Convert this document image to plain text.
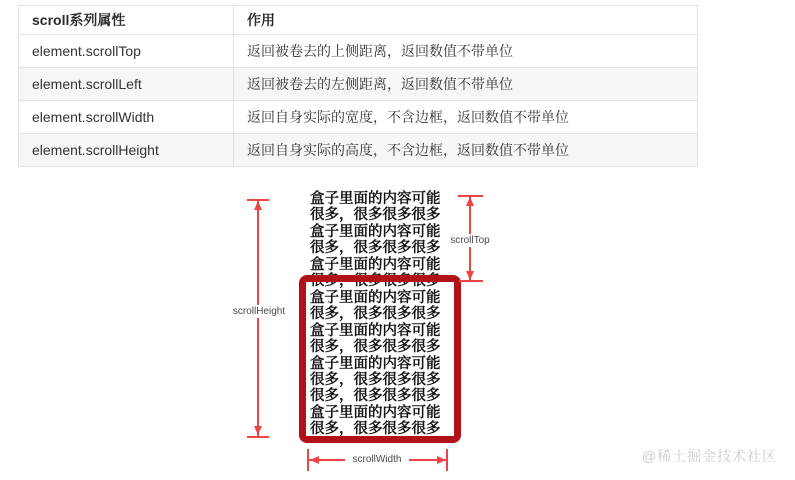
scroll系列属性	作用
element.scrollTop	返回被卷去的上侧距离，返回数值不带单位
element.scrollLeft	返回被卷去的左侧距离，返回数值不带单位
element.scrollWidth	返回自身实际的宽度，不含边框，返回数值不带单位
element.scrollHeight	返回自身实际的高度，不含边框，返回数值不带单位
盒子里面的内容可能
很多，很多很多很多
盒子里面的内容可能
很多，很多很多很多
盒子里面的内容可能
很多，很多很多很多
盒子里面的内容可能
很多，很多很多很多
盒子里面的内容可能
很多，很多很多很多
盒子里面的内容可能
很多，很多很多很多
很多，很多很多很多
盒子里面的内容可能
很多，很多很多很多
scrollHeight
scrollTop
scrollWidth	@稀土掘金技术社区
